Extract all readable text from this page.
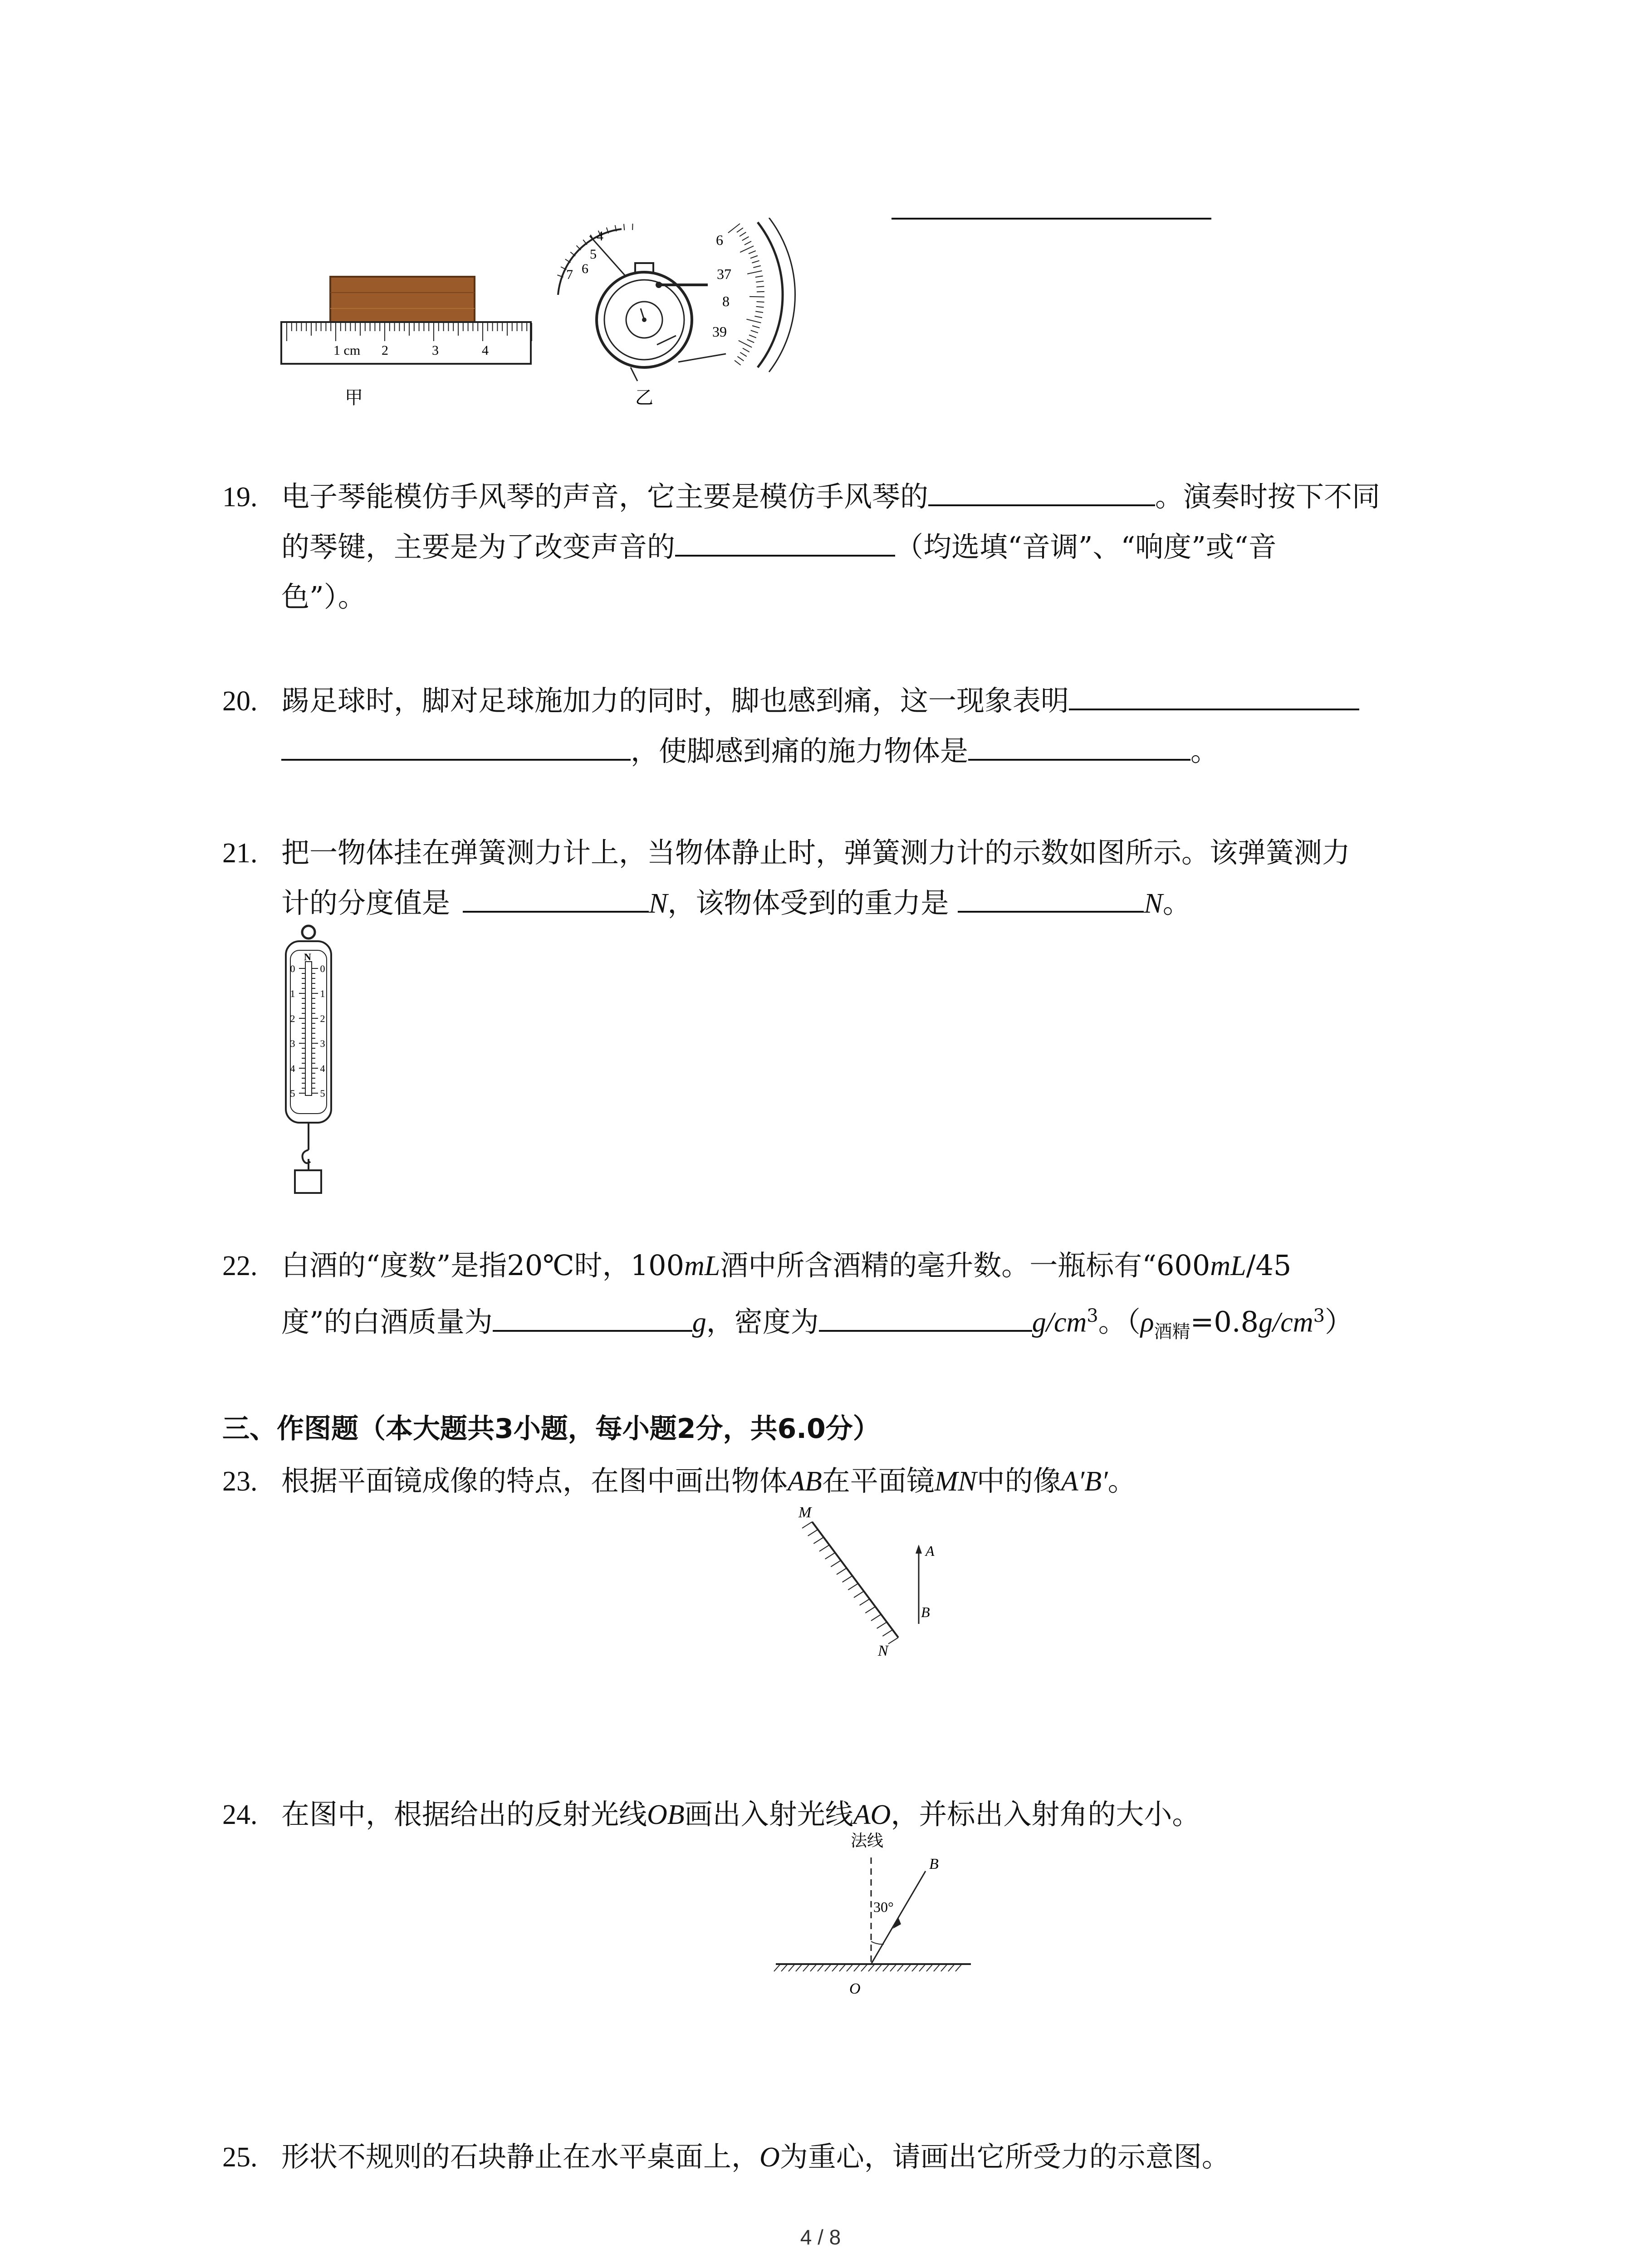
1 cm 2	3	4
甲
4
5
6
7
6
37
8
39
乙
19. 电子琴能模仿手风琴的声音，它主要是模仿手风琴的	。演奏时按下不同
的琴键，主要是为了改变声音的	（均选填“音调”、“响度”或“音
色”）。
20. 踢足球时，脚对足球施加力的同时，脚也感到痛，这一现象表明
，使脚感到痛的施力物体是	。
21. 把一物体挂在弹簧测力计上，当物体静止时，弹簧测力计的示数如图所示。该弹簧测力
计的分度值是	N，该物体受到的重力是	N。
N
0	0
1	1
2	2
3	3
4	4
5	5
22. 白酒的“度数”是指20℃时，100mL酒中所含酒精的毫升数。一瓶标有“600mL/45
度”的白酒质量为	g，密度为	$g/cm^3$。$(\rho_{酒精}=0.8g/cm^3)$
三、作图题（本大题共3小题，每小题2分，共6.0分）
23. 根据平面镜成像的特点，在图中画出物体AB在平面镜MN中的像A′B′。
M
N
A
B
24. 在图中，根据给出的反射光线OB画出入射光线AO，并标出入射角的大小。
法线
30°
B
O
25. 形状不规则的石块静止在水平桌面上，O为重心，请画出它所受力的示意图。
4 / 8
